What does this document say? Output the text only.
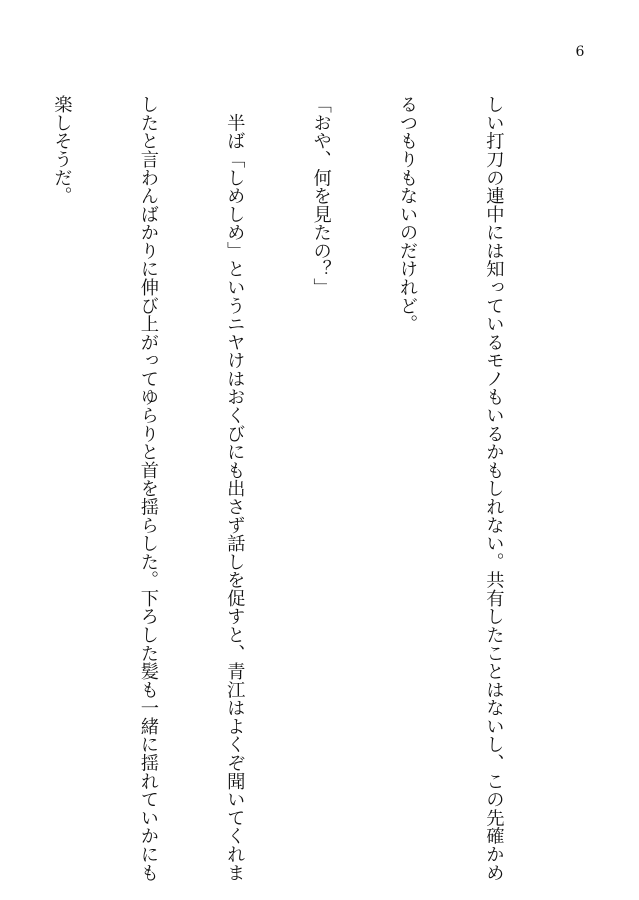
6

しい打刀の連中には知っているモノもいるかもしれない。共有したことはないし、この先確かめ

るつもりもないのだけれど。

「おや、何を見たの？」

　半ば「しめしめ」というニヤけはおくびにも出さず話しを促すと、青江はよくぞ聞いてくれま

したと言わんばかりに伸び上がってゆらりと首を揺らした。下ろした髪も一緒に揺れていかにも

楽しそうだ。
